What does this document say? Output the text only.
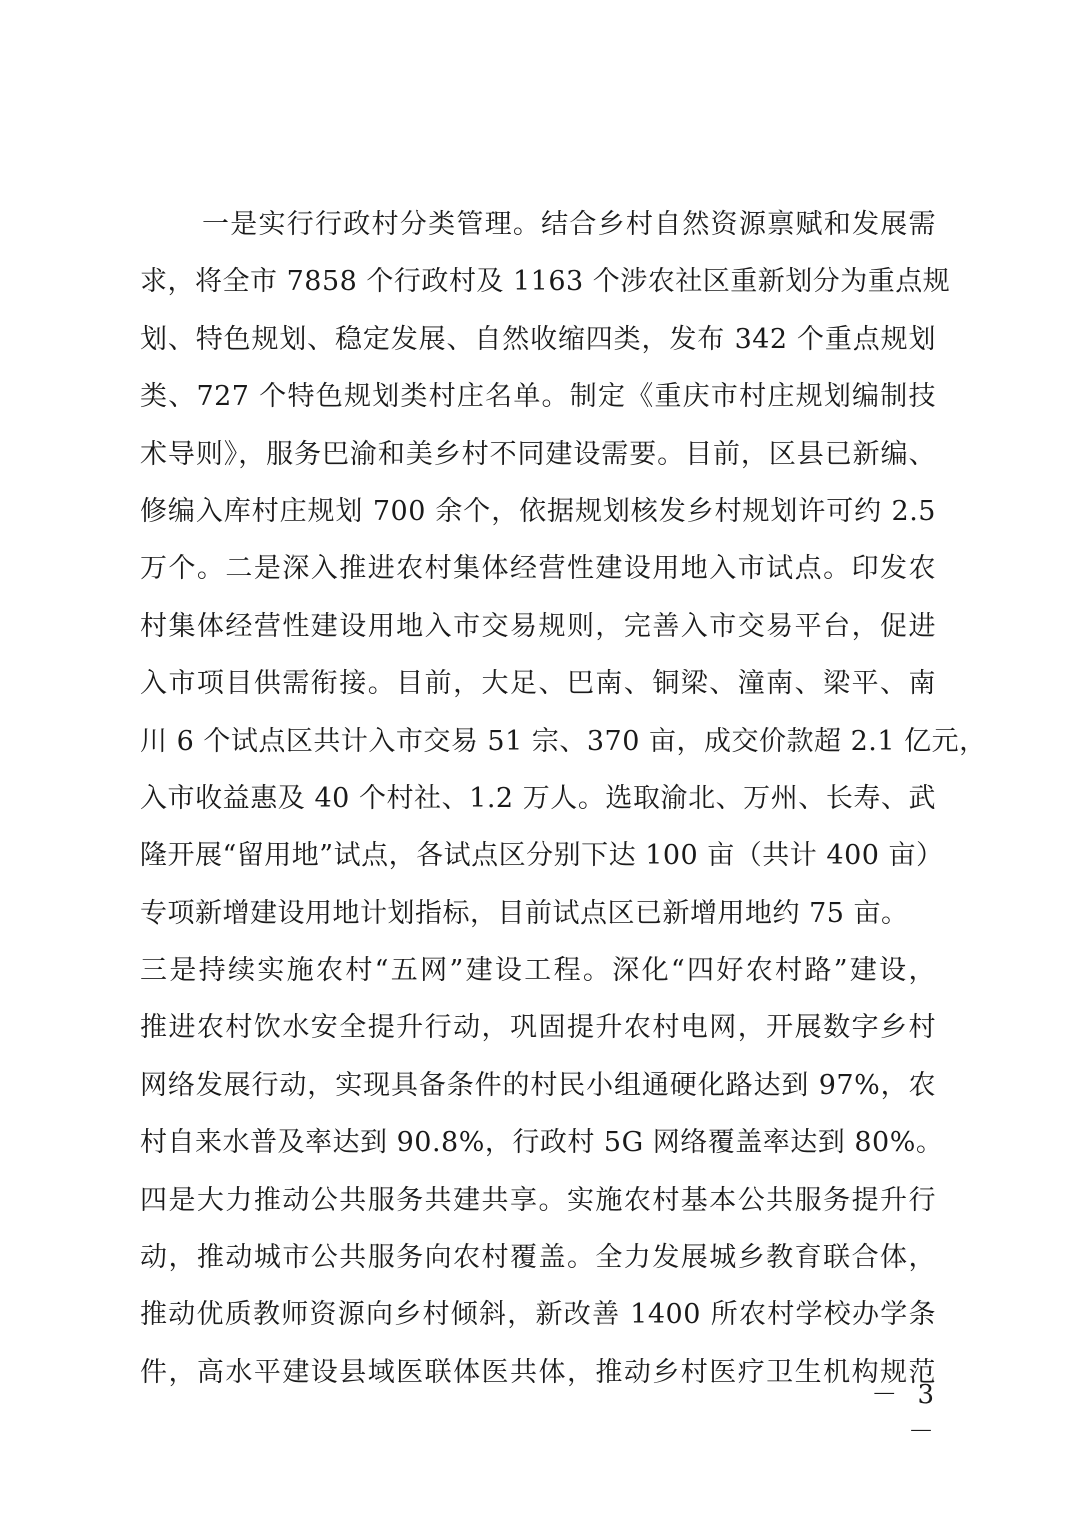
一是实行行政村分类管理。结合乡村自然资源禀赋和发展需
求，将全市 7858 个行政村及 1163 个涉农社区重新划分为重点规
划、特色规划、稳定发展、自然收缩四类，发布 342 个重点规划
类、727 个特色规划类村庄名单。制定《重庆市村庄规划编制技
术导则》，服务巴渝和美乡村不同建设需要。目前，区县已新编、
修编入库村庄规划 700 余个，依据规划核发乡村规划许可约 2.5
万个。二是深入推进农村集体经营性建设用地入市试点。印发农
村集体经营性建设用地入市交易规则，完善入市交易平台，促进
入市项目供需衔接。目前，大足、巴南、铜梁、潼南、梁平、南
川 6 个试点区共计入市交易 51 宗、370 亩，成交价款超 2.1 亿元，
入市收益惠及 40 个村社、1.2 万人。选取渝北、万州、长寿、武
隆开展“留用地”试点，各试点区分别下达 100 亩（共计 400 亩）
专项新增建设用地计划指标，目前试点区已新增用地约 75 亩。
三是持续实施农村“五网”建设工程。深化“四好农村路”建设，
推进农村饮水安全提升行动，巩固提升农村电网，开展数字乡村
网络发展行动，实现具备条件的村民小组通硬化路达到 97%，农
村自来水普及率达到 90.8%，行政村 5G 网络覆盖率达到 80%。
四是大力推动公共服务共建共享。实施农村基本公共服务提升行
动，推动城市公共服务向农村覆盖。全力发展城乡教育联合体，
推动优质教师资源向乡村倾斜，新改善 1400 所农村学校办学条
件，高水平建设县域医联体医共体，推动乡村医疗卫生机构规范
－ 3 －
